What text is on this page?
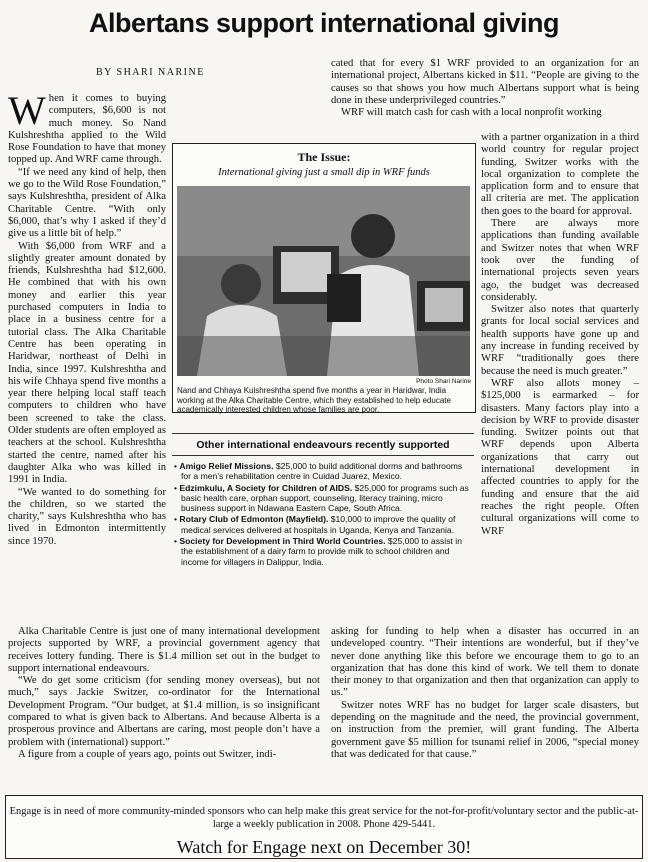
Albertans support international giving
BY SHARI NARINE

When it comes to buying computers, $6,600 is not much money. So Nand Kulshreshtha applied to the Wild Rose Foundation to have that money topped up. And WRF came through.

“If we need any kind of help, then we go to the Wild Rose Foundation,” says Kulshreshtha, president of Alka Charitable Centre. “With only $6,000, that’s why I asked if they’d give us a little bit of help.”

With $6,000 from WRF and a slightly greater amount donated by friends, Kulshreshtha had $12,600. He combined that with his own money and earlier this year purchased computers in India to place in a business centre for a tutorial class. The Alka Charitable Centre has been operating in Haridwar, northeast of Delhi in India, since 1997. Kulshreshtha and his wife Chhaya spend five months a year there helping local staff teach computers to children who have been screened to take the class. Older students are often employed as teachers at the school. Kulshreshtha started the centre, named after his daughter Alka who was killed in 1991 in India.

“We wanted to do something for the children, so we started the charity,” says Kulshreshtha who has lived in Edmonton intermittently since 1970.

cated that for every $1 WRF provided to an organization for an international project, Albertans kicked in $11. “People are giving to the causes so that shows you how much Albertans support what is being done in these underprivileged countries.”

WRF will match cash for cash with a local nonprofit working

The Issue:
International giving just a small dip in WRF funds
Photo Shari Narine
Nand and Chhaya Kulshreshtha spend five months a year in Haridwar, India working at the Alka Charitable Centre, which they established to help educate academically interested children whose families are poor.
Other international endeavours recently supported
• Amigo Relief Missions. $25,000 to build additional dorms and bathrooms for a men’s rehabilitation centre in Cuidad Juarez, Mexico.
• Edzimkulu, A Society for Children of AIDS. $25,000 for programs such as basic health care, orphan support, counseling, literacy training, micro business support in Ndawana Eastern Cape, South Africa.
• Rotary Club of Edmonton (Mayfield). $10,000 to improve the quality of medical services delivered at hospitals in Uganda, Kenya and Tanzania.
• Society for Development in Third World Countries. $25,000 to assist in the establishment of a dairy farm to provide milk to school children and income for villagers in Dalippur, India.

with a partner organization in a third world country for regular project funding, Switzer works with the local organization to complete the application form and to ensure that all criteria are met. The application then goes to the board for approval.

There are always more applications than funding available and Switzer notes that when WRF took over the funding of international projects seven years ago, the budget was decreased considerably.

Switzer also notes that quarterly grants for local social services and health supports have gone up and any increase in funding received by WRF “traditionally goes there because the need is much greater.”

WRF also allots money – $125,000 is earmarked – for disasters. Many factors play into a decision by WRF to provide disaster funding. Switzer points out that WRF depends upon Alberta organizations that carry out international development in affected countries to apply for the funding and ensure that the aid reaches the right people. Often cultural organizations will come to WRF

Alka Charitable Centre is just one of many international development projects supported by WRF, a provincial government agency that receives lottery funding. There is $1.4 million set out in the budget to support international endeavours.

“We do get some criticism (for sending money overseas), but not much,” says Jackie Switzer, co-ordinator for the International Development Program. “Our budget, at $1.4 million, is so insignificant compared to what is given back to Albertans. And because Alberta is a prosperous province and Albertans are caring, most people don’t have a problem with (international) support.”

A figure from a couple of years ago, points out Switzer, indi-

asking for funding to help when a disaster has occurred in an undeveloped country. “Their intentions are wonderful, but if they’ve never done anything like this before we encourage them to go to an organization that has done this kind of work. We tell them to donate their money to that organization and then that organization can apply to us.”

Switzer notes WRF has no budget for larger scale disasters, but depending on the magnitude and the need, the provincial government, on instruction from the premier, will grant funding. The Alberta government gave $5 million for tsunami relief in 2006, “special money that was dedicated for that cause.”

Engage is in need of more community-minded sponsors who can help make this great service for the not-for-profit/voluntary sector and the public-at-large a weekly publication in 2008. Phone 429-5441.
Watch for Engage next on December 30!
